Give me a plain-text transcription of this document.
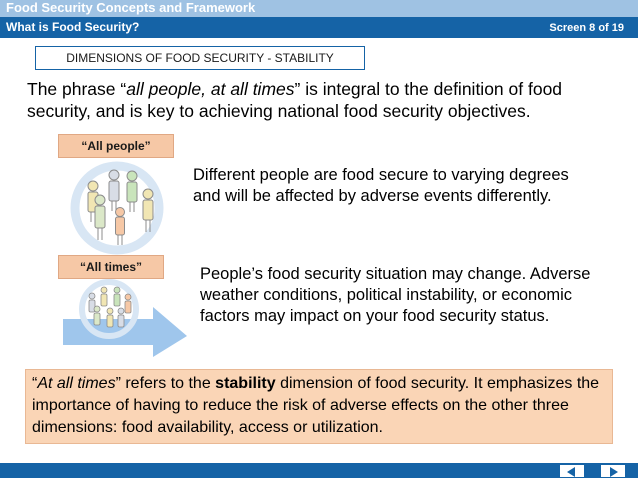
Food Security Concepts and Framework
What is Food Security?	Screen 8 of 19
DIMENSIONS OF FOOD SECURITY - STABILITY
The phrase “all people, at all times” is integral to the definition of food security, and is key to achieving national food security objectives.
“All people”
Different people are food secure to varying degrees and will be affected by adverse events differently.
“All times”	People’s food security situation may change. Adverse weather conditions, political instability, or economic factors may impact on your food security status.
“At all times” refers to the stability dimension of food security. It emphasizes the importance of having to reduce the risk of adverse effects on the other three dimensions: food availability, access or utilization.
